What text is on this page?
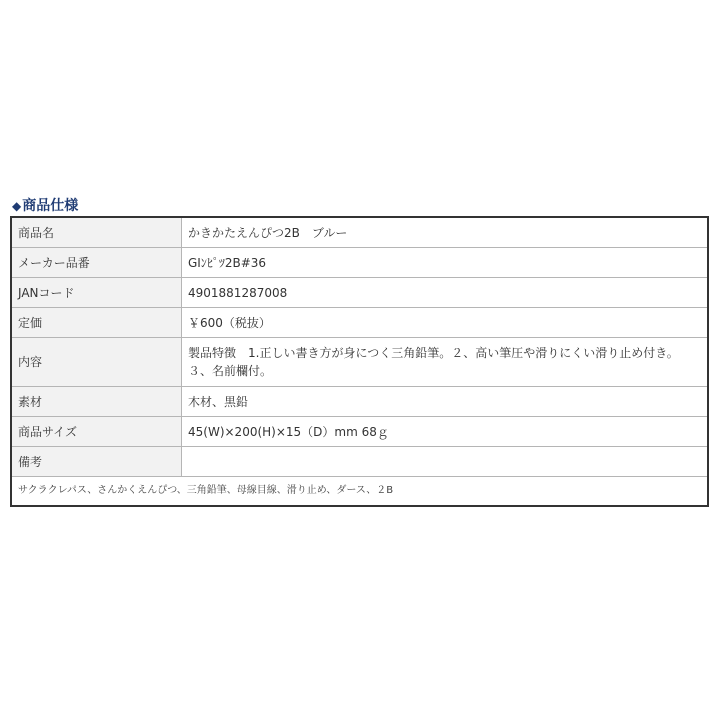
◆商品仕様
商品名	かきかたえんぴつ2B　ブルー
メーカー品番	GIﾝﾋﾟﾂ2B#36
JANコード	4901881287008
定価	￥600（税抜）
内容	製品特徴　1.正しい書き方が身につく三角鉛筆。２、高い筆圧や滑りにくい滑り止め付き。３、名前欄付。
素材	木材、黒鉛
商品サイズ	45(W)×200(H)×15（D）mm 68ｇ
備考	
サクラクレパス、さんかくえんぴつ、三角鉛筆、母線目線、滑り止め、ダース、２B	
